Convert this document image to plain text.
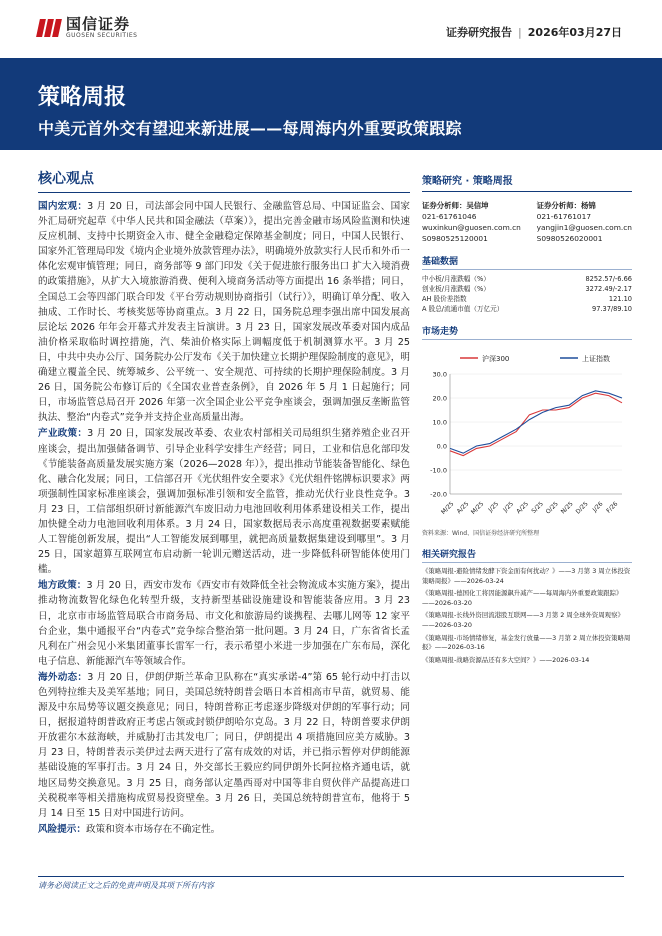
国信证券
GUOSEN SECURITIES	证券研究报告 | 2026年03月27日
策略周报
中美元首外交有望迎来新进展——每周海内外重要政策跟踪
核心观点

国内宏观：3 月 20 日，司法部会同中国人民银行、金融监管总局、中国证监会、国家外汇局研究起草《中华人民共和国金融法（草案）》，提出完善金融市场风险监测和快速反应机制、支持中长期资金入市、健全金融稳定保障基金制度；同日，中国人民银行、国家外汇管理局印发《境内企业境外放款管理办法》，明确境外放款实行人民币和外币一体化宏观审慎管理；同日，商务部等 9 部门印发《关于促进旅行服务出口 扩大入境消费的政策措施》，从扩大入境旅游消费、便利入境商务活动等方面提出 16 条举措；同日，全国总工会等四部门联合印发《平台劳动规则协商指引（试行）》，明确订单分配、收入抽成、工作时长、考核奖惩等协商重点。3 月 22 日，国务院总理李强出席中国发展高层论坛 2026 年年会开幕式并发表主旨演讲。3 月 23 日，国家发展改革委对国内成品油价格采取临时调控措施，汽、柴油价格实际上调幅度低于机制测算水平。3 月 25 日，中共中央办公厅、国务院办公厅发布《关于加快建立长期护理保险制度的意见》，明确建立覆盖全民、统筹城乡、公平统一、安全规范、可持续的长期护理保险制度。3 月 26 日，国务院公布修订后的《全国农业普查条例》，自 2026 年 5 月 1 日起施行；同日，市场监管总局召开 2026 年第一次全国企业公平竞争座谈会，强调加强反垄断监管执法、整治“内卷式”竞争并支持企业高质量出海。

产业政策：3 月 20 日，国家发展改革委、农业农村部相关司局组织生猪养殖企业召开座谈会，提出加强储备调节、引导企业科学安排生产经营；同日，工业和信息化部印发《节能装备高质量发展实施方案（2026—2028 年）》，提出推动节能装备智能化、绿色化、融合化发展；同日，工信部召开《光伏组件安全要求》《光伏组件铭牌标识要求》两项强制性国家标准座谈会，强调加强标准引领和安全监管，推动光伏行业良性竞争。3 月 23 日，工信部组织研讨新能源汽车废旧动力电池回收利用体系建设相关工作，提出加快健全动力电池回收利用体系。3 月 24 日，国家数据局表示高度重视数据要素赋能人工智能创新发展，提出“人工智能发展到哪里，就把高质量数据集建设到哪里”。3 月 25 日，国家超算互联网宣布启动新一轮训元赠送活动，进一步降低科研智能体使用门槛。

地方政策：3 月 20 日，西安市发布《西安市有效降低全社会物流成本实施方案》，提出推动物流数智化绿色化转型升级，支持新型基础设施建设和智能装备应用。3 月 23 日，北京市市场监管局联合市商务局、市文化和旅游局约谈携程、去哪儿网等 12 家平台企业，集中通报平台“内卷式”竞争综合整治第一批问题。3 月 24 日，广东省省长孟凡利在广州会见小米集团董事长雷军一行，表示希望小米进一步加强在广东布局，深化电子信息、新能源汽车等领域合作。

海外动态：3 月 20 日，伊朗伊斯兰革命卫队称在“真实承诺-4”第 65 轮行动中打击以色列特拉维夫及美军基地；同日，美国总统特朗普会晤日本首相高市早苗，就贸易、能源及中东局势等议题交换意见；同日，特朗普称正考虑逐步降级对伊朗的军事行动；同日，据报道特朗普政府正考虑占领或封锁伊朗哈尔克岛。3 月 22 日，特朗普要求伊朗开放霍尔木兹海峡，并威胁打击其发电厂；同日，伊朗提出 4 项措施回应美方威胁。3 月 23 日，特朗普表示美伊过去两天进行了富有成效的对话，并已指示暂停对伊朗能源基础设施的军事打击。3 月 24 日，外交部长王毅应约同伊朗外长阿拉格齐通电话，就地区局势交换意见。3 月 25 日，商务部认定墨西哥对中国等非自贸伙伴产品提高进口关税税率等相关措施构成贸易投资壁垒。3 月 26 日，美国总统特朗普宣布，他将于 5 月 14 日至 15 日对中国进行访问。

风险提示：政策和资本市场存在不确定性。

策略研究 · 策略周报
证券分析师：吴信坤
021-61761046
wuxinkun@guosen.com.cn
S0980525120001
证券分析师：杨锦
021-61761017
yangjin1@guosen.com.cn
S0980526020001
基础数据
中小板/月涨跌幅（%）	8252.57/-6.66
创业板/月涨跌幅（%）	3272.49/-2.17
AH 股价差指数	121.10
A 股总/流通市值（万亿元）	97.37/89.10
市场走势
沪深300	上证指数
-20.0
-10.0
0.0
10.0
20.0
30.0
M/25 A/25 M/25 J/25 J/25 A/25 S/25 O/25 N/25 D/25 J/26 F/26
资料来源：Wind、国信证券经济研究所整理
相关研究报告
《策略周报-避险情绪发酵下资金面有何扰动？》——3 月第 3 周立体投资策略周报》——2026-03-24
《策略周报-德国化工将因能源飙升减产——每周海内外重要政策跟踪》——2026-03-20
《策略周报-长线外资回流港股互联网——3 月第 2 周全球外资周观察》——2026-03-20
《策略周报-市场情绪修复，基金发行放量——3 月第 2 周立体投资策略周报》——2026-03-16
《策略周报-战略资源品还有多大空间？》——2026-03-14
请务必阅读正文之后的免责声明及其项下所有内容
